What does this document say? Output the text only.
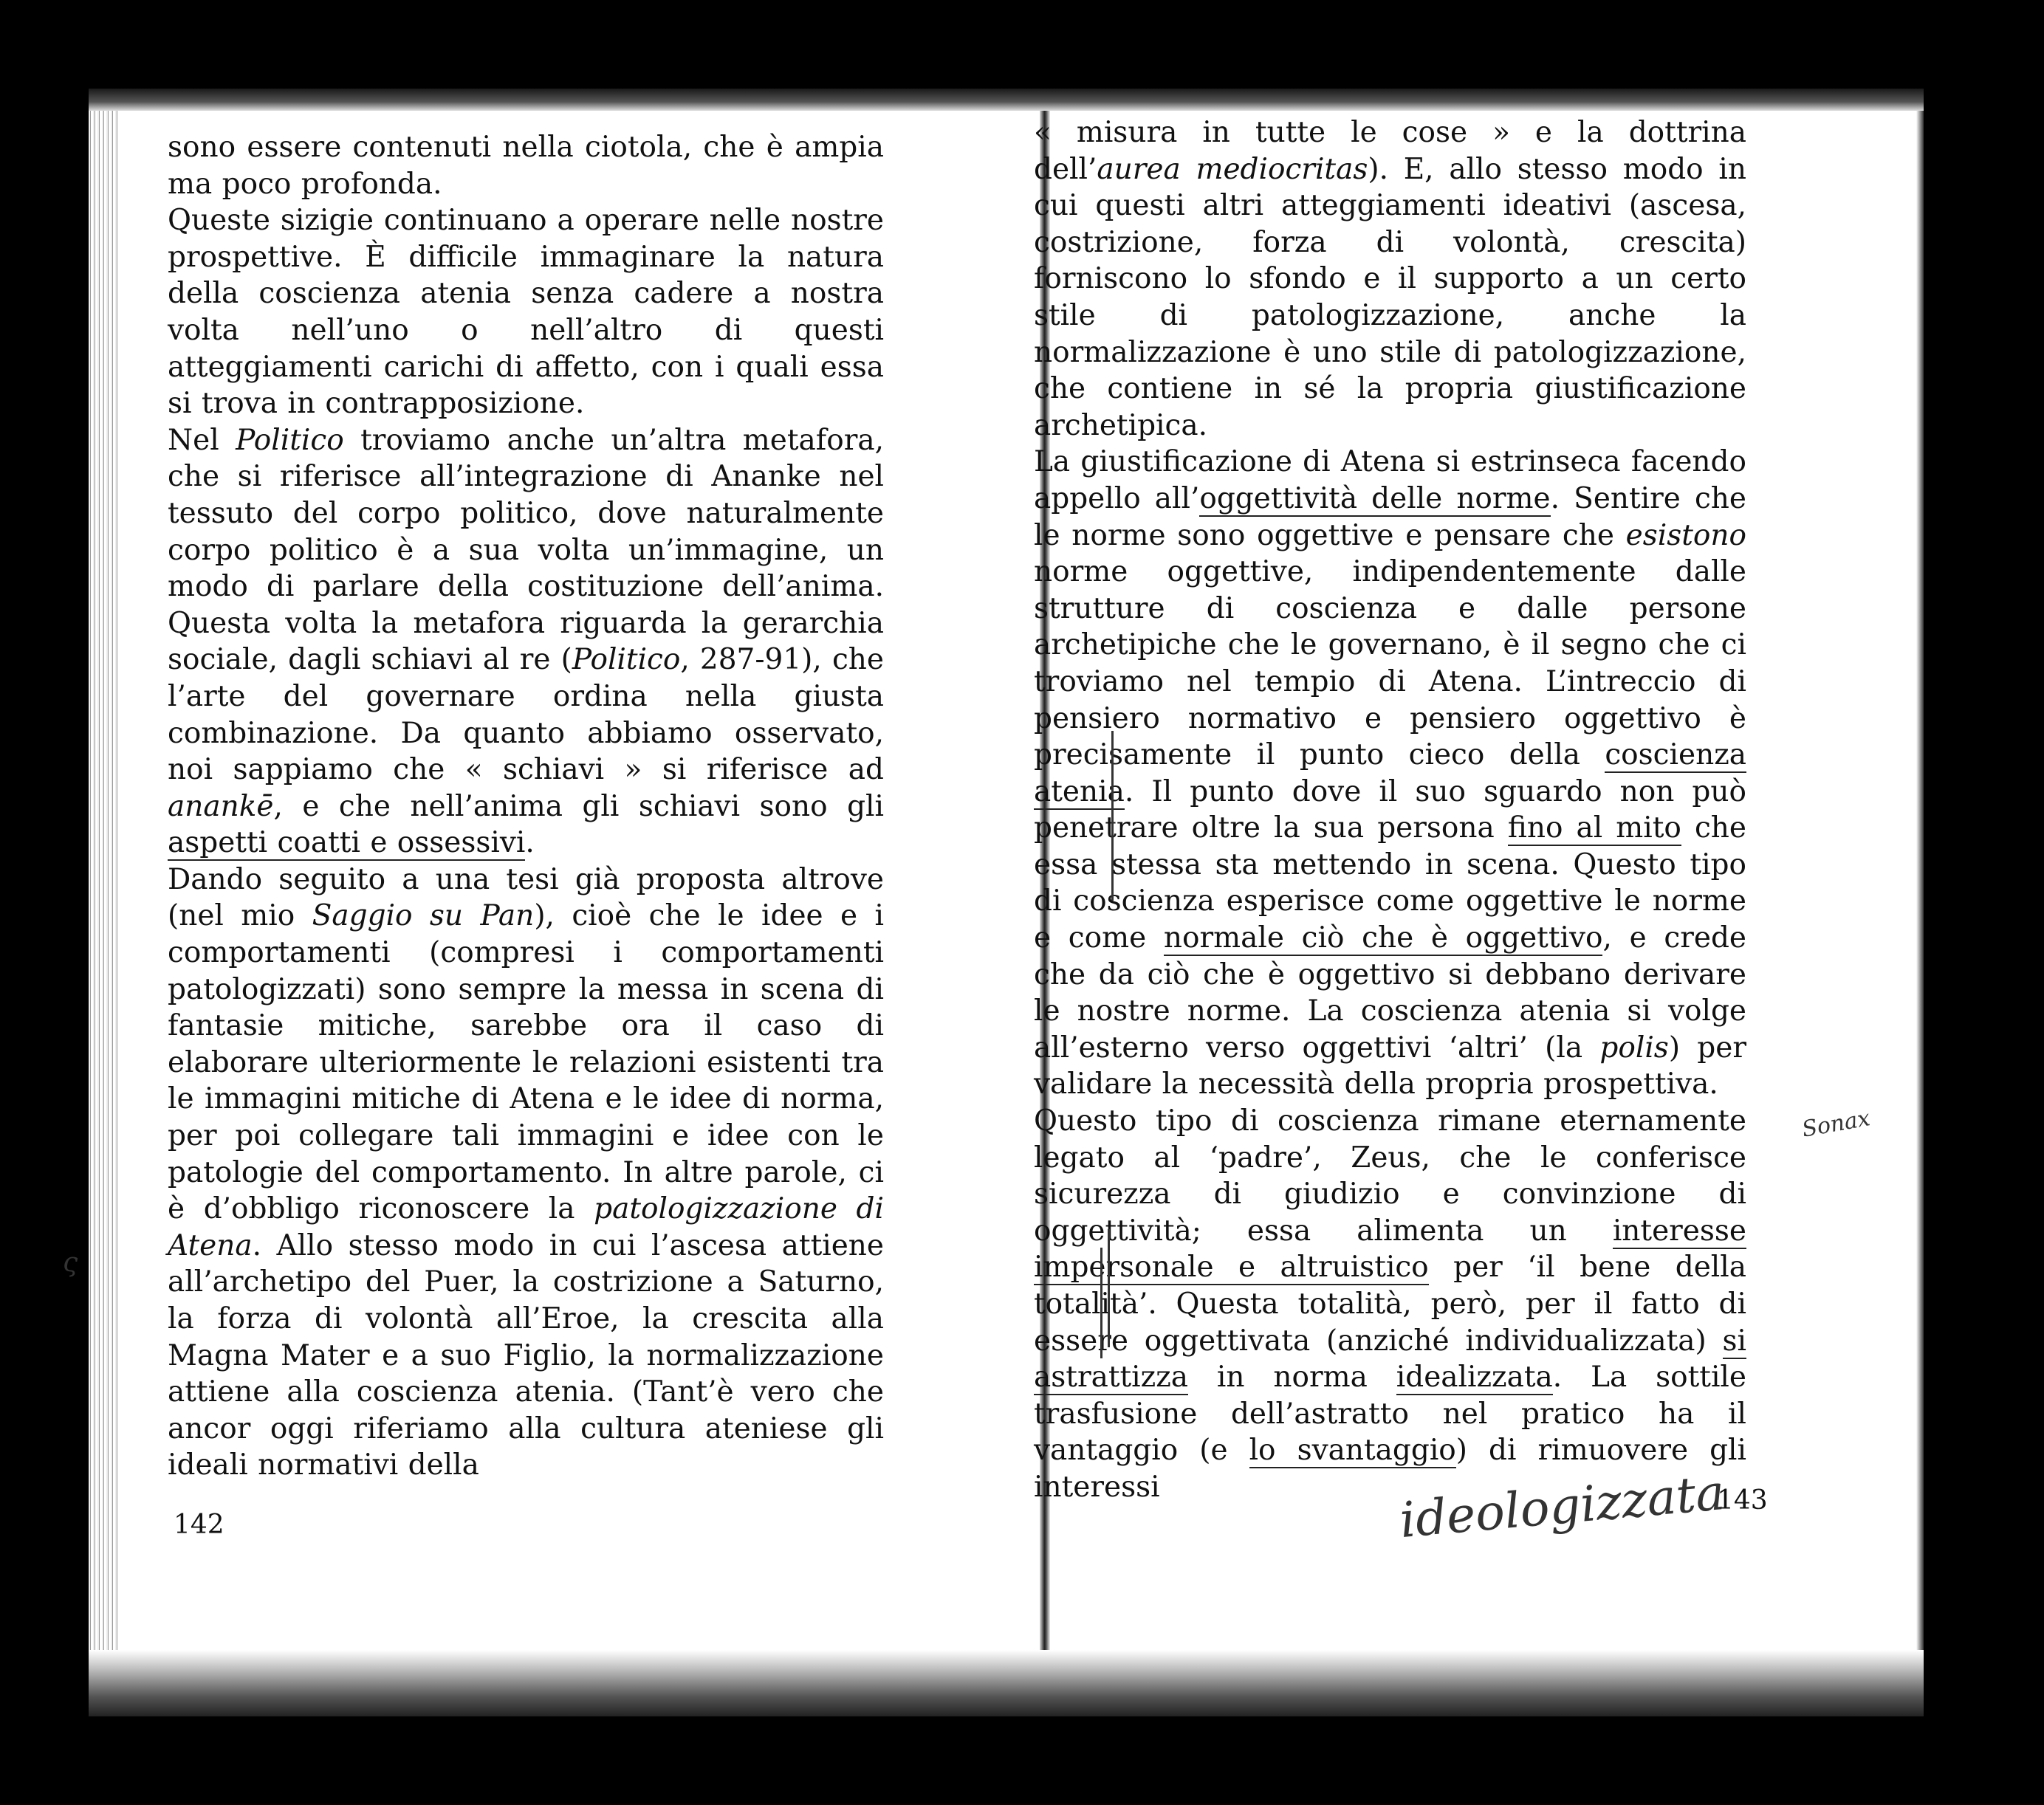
sono essere contenuti nella ciotola, che è ampia ma poco profonda.

Queste sizigie continuano a operare nelle nostre prospettive. È difficile immaginare la natura della coscienza atenia senza cadere a nostra volta nell’uno o nell’altro di questi atteggiamenti carichi di affetto, con i quali essa si trova in contrapposizione.

Nel Politico troviamo anche un’altra metafora, che si riferisce all’integrazione di Ananke nel tessuto del corpo politico, dove naturalmente corpo politico è a sua volta un’immagine, un modo di parlare della costituzione dell’anima. Questa volta la metafora riguarda la gerarchia sociale, dagli schiavi al re (Politico, 287-91), che l’arte del governare ordina nella giusta combinazione. Da quanto abbiamo osservato, noi sappiamo che « schiavi » si riferisce ad anankē, e che nell’anima gli schiavi sono gli aspetti coatti e ossessivi.

Dando seguito a una tesi già proposta altrove (nel mio Saggio su Pan), cioè che le idee e i comportamenti (compresi i comportamenti patologizzati) sono sempre la messa in scena di fantasie mitiche, sarebbe ora il caso di elaborare ulteriormente le relazioni esistenti tra le immagini mitiche di Atena e le idee di norma, per poi collegare tali immagini e idee con le patologie del comportamento. In altre parole, ci è d’obbligo riconoscere la patologizzazione di Atena. Allo stesso modo in cui l’ascesa attiene all’archetipo del Puer, la costrizione a Saturno, la forza di volontà all’Eroe, la crescita alla Magna Mater e a suo Figlio, la normalizzazione attiene alla coscienza atenia. (Tant’è vero che ancor oggi riferiamo alla cultura ateniese gli ideali normativi della

142

« misura in tutte le cose » e la dottrina dell’aurea mediocritas). E, allo stesso modo in cui questi altri atteggiamenti ideativi (ascesa, costrizione, forza di volontà, crescita) forniscono lo sfondo e il supporto a un certo stile di patologizzazione, anche la normalizzazione è uno stile di patologizzazione, che contiene in sé la propria giustificazione archetipica.

La giustificazione di Atena si estrinseca facendo appello all’oggettività delle norme. Sentire che le norme sono oggettive e pensare che esistono norme oggettive, indipendentemente dalle strutture di coscienza e dalle persone archetipiche che le governano, è il segno che ci troviamo nel tempio di Atena. L’intreccio di pensiero normativo e pensiero oggettivo è precisamente il punto cieco della coscienza atenia. Il punto dove il suo sguardo non può penetrare oltre la sua persona fino al mito che essa stessa sta mettendo in scena. Questo tipo di coscienza esperisce come oggettive le norme e come normale ciò che è oggettivo, e crede che da ciò che è oggettivo si debbano derivare le nostre norme. La coscienza atenia si volge all’esterno verso oggettivi ‘altri’ (la polis) per validare la necessità della propria prospettiva.

Questo tipo di coscienza rimane eternamente legato al ‘padre’, Zeus, che le conferisce sicurezza di giudizio e convinzione di oggettività; essa alimenta un interesse impersonale e altruistico per ‘il bene della totalità’. Questa totalità, però, per il fatto di essere oggettivata (anziché individualizzata) si astrattizza in norma idealizzata. La sottile trasfusione dell’astratto nel pratico ha il vantaggio (e lo svantaggio) di rimuovere gli interessi	143
ideologizzata
Sonax
ς
